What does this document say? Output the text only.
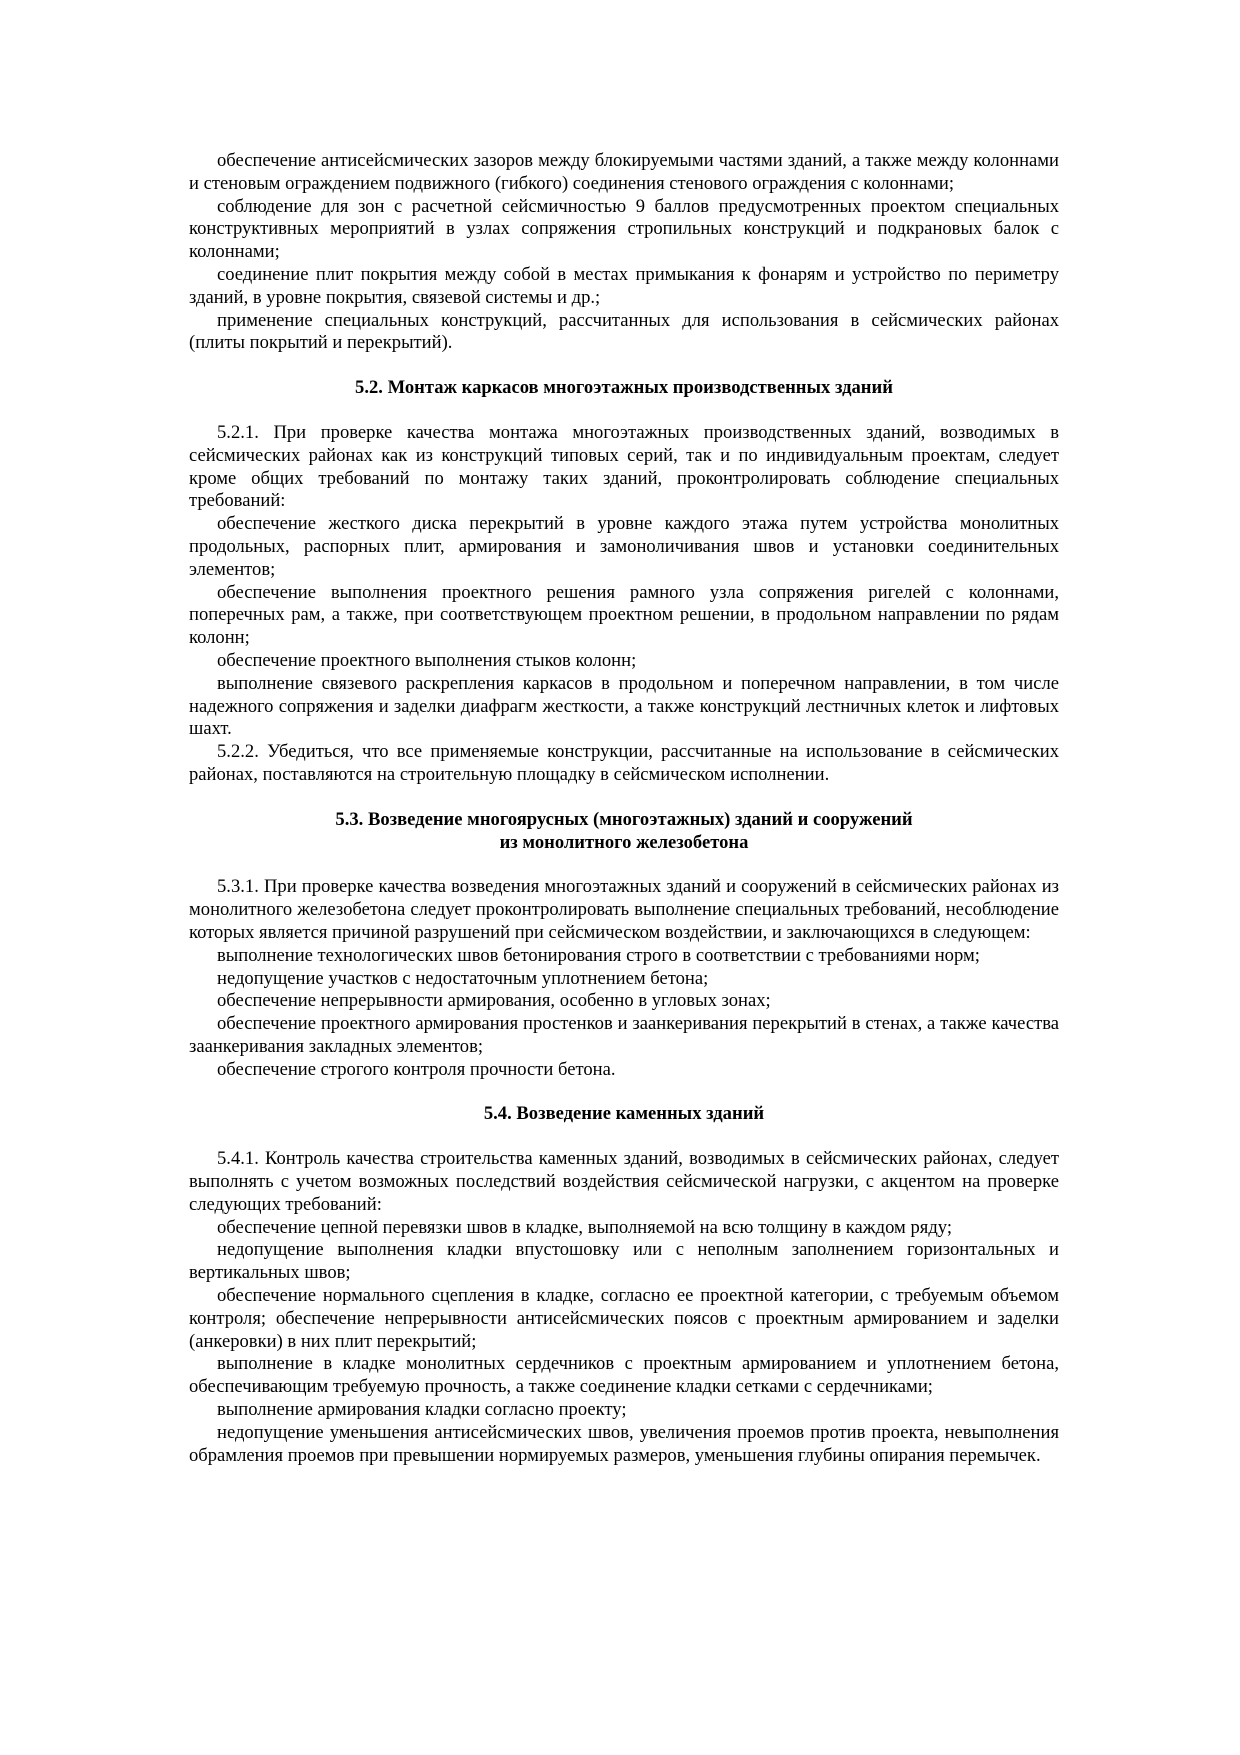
обеспечение антисейсмических зазоров между блокируемыми частями зданий, а также между колоннами и стеновым ограждением подвижного (гибкого) соединения стенового ограждения с колоннами;

соблюдение для зон с расчетной сейсмичностью 9 баллов предусмотренных проектом специальных конструктивных мероприятий в узлах сопряжения стропильных конструкций и подкрановых балок с колоннами;

соединение плит покрытия между собой в местах примыкания к фонарям и устройство по периметру зданий, в уровне покрытия, связевой системы и др.;

применение специальных конструкций, рассчитанных для использования в сейсмических районах (плиты покрытий и перекрытий).

5.2. Монтаж каркасов многоэтажных производственных зданий

5.2.1. При проверке качества монтажа многоэтажных производственных зданий, возводимых в сейсмических районах как из конструкций типовых серий, так и по индивидуальным проектам, следует кроме общих требований по монтажу таких зданий, проконтролировать соблюдение специальных требований:

обеспечение жесткого диска перекрытий в уровне каждого этажа путем устройства монолитных продольных, распорных плит, армирования и замоноличивания швов и установки соединительных элементов;

обеспечение выполнения проектного решения рамного узла сопряжения ригелей с колоннами, поперечных рам, а также, при соответствующем проектном решении, в продольном направлении по рядам колонн;

обеспечение проектного выполнения стыков колонн;

выполнение связевого раскрепления каркасов в продольном и поперечном направлении, в том числе надежного сопряжения и заделки диафрагм жесткости, а также конструкций лестничных клеток и лифтовых шахт.

5.2.2. Убедиться, что все применяемые конструкции, рассчитанные на использование в сейсмических районах, поставляются на строительную площадку в сейсмическом исполнении.

5.3. Возведение многоярусных (многоэтажных) зданий и сооружений
из монолитного железобетона

5.3.1. При проверке качества возведения многоэтажных зданий и сооружений в сейсмических районах из монолитного железобетона следует проконтролировать выполнение специальных требований, несоблюдение которых является причиной разрушений при сейсмическом воздействии, и заключающихся в следующем:

выполнение технологических швов бетонирования строго в соответствии с требованиями норм;

недопущение участков с недостаточным уплотнением бетона;

обеспечение непрерывности армирования, особенно в угловых зонах;

обеспечение проектного армирования простенков и заанкеривания перекрытий в стенах, а также качества заанкеривания закладных элементов;

обеспечение строгого контроля прочности бетона.

5.4. Возведение каменных зданий

5.4.1. Контроль качества строительства каменных зданий, возводимых в сейсмических районах, следует выполнять с учетом возможных последствий воздействия сейсмической нагрузки, с акцентом на проверке следующих требований:

обеспечение цепной перевязки швов в кладке, выполняемой на всю толщину в каждом ряду;

недопущение выполнения кладки впустошовку или с неполным заполнением горизонтальных и вертикальных швов;

обеспечение нормального сцепления в кладке, согласно ее проектной категории, с требуемым объемом контроля; обеспечение непрерывности антисейсмических поясов с проектным армированием и заделки (анкеровки) в них плит перекрытий;

выполнение в кладке монолитных сердечников с проектным армированием и уплотнением бетона, обеспечивающим требуемую прочность, а также соединение кладки сетками с сердечниками;

выполнение армирования кладки согласно проекту;

недопущение уменьшения антисейсмических швов, увеличения проемов против проекта, невыполнения обрамления проемов при превышении нормируемых размеров, уменьшения глубины опирания перемычек.
